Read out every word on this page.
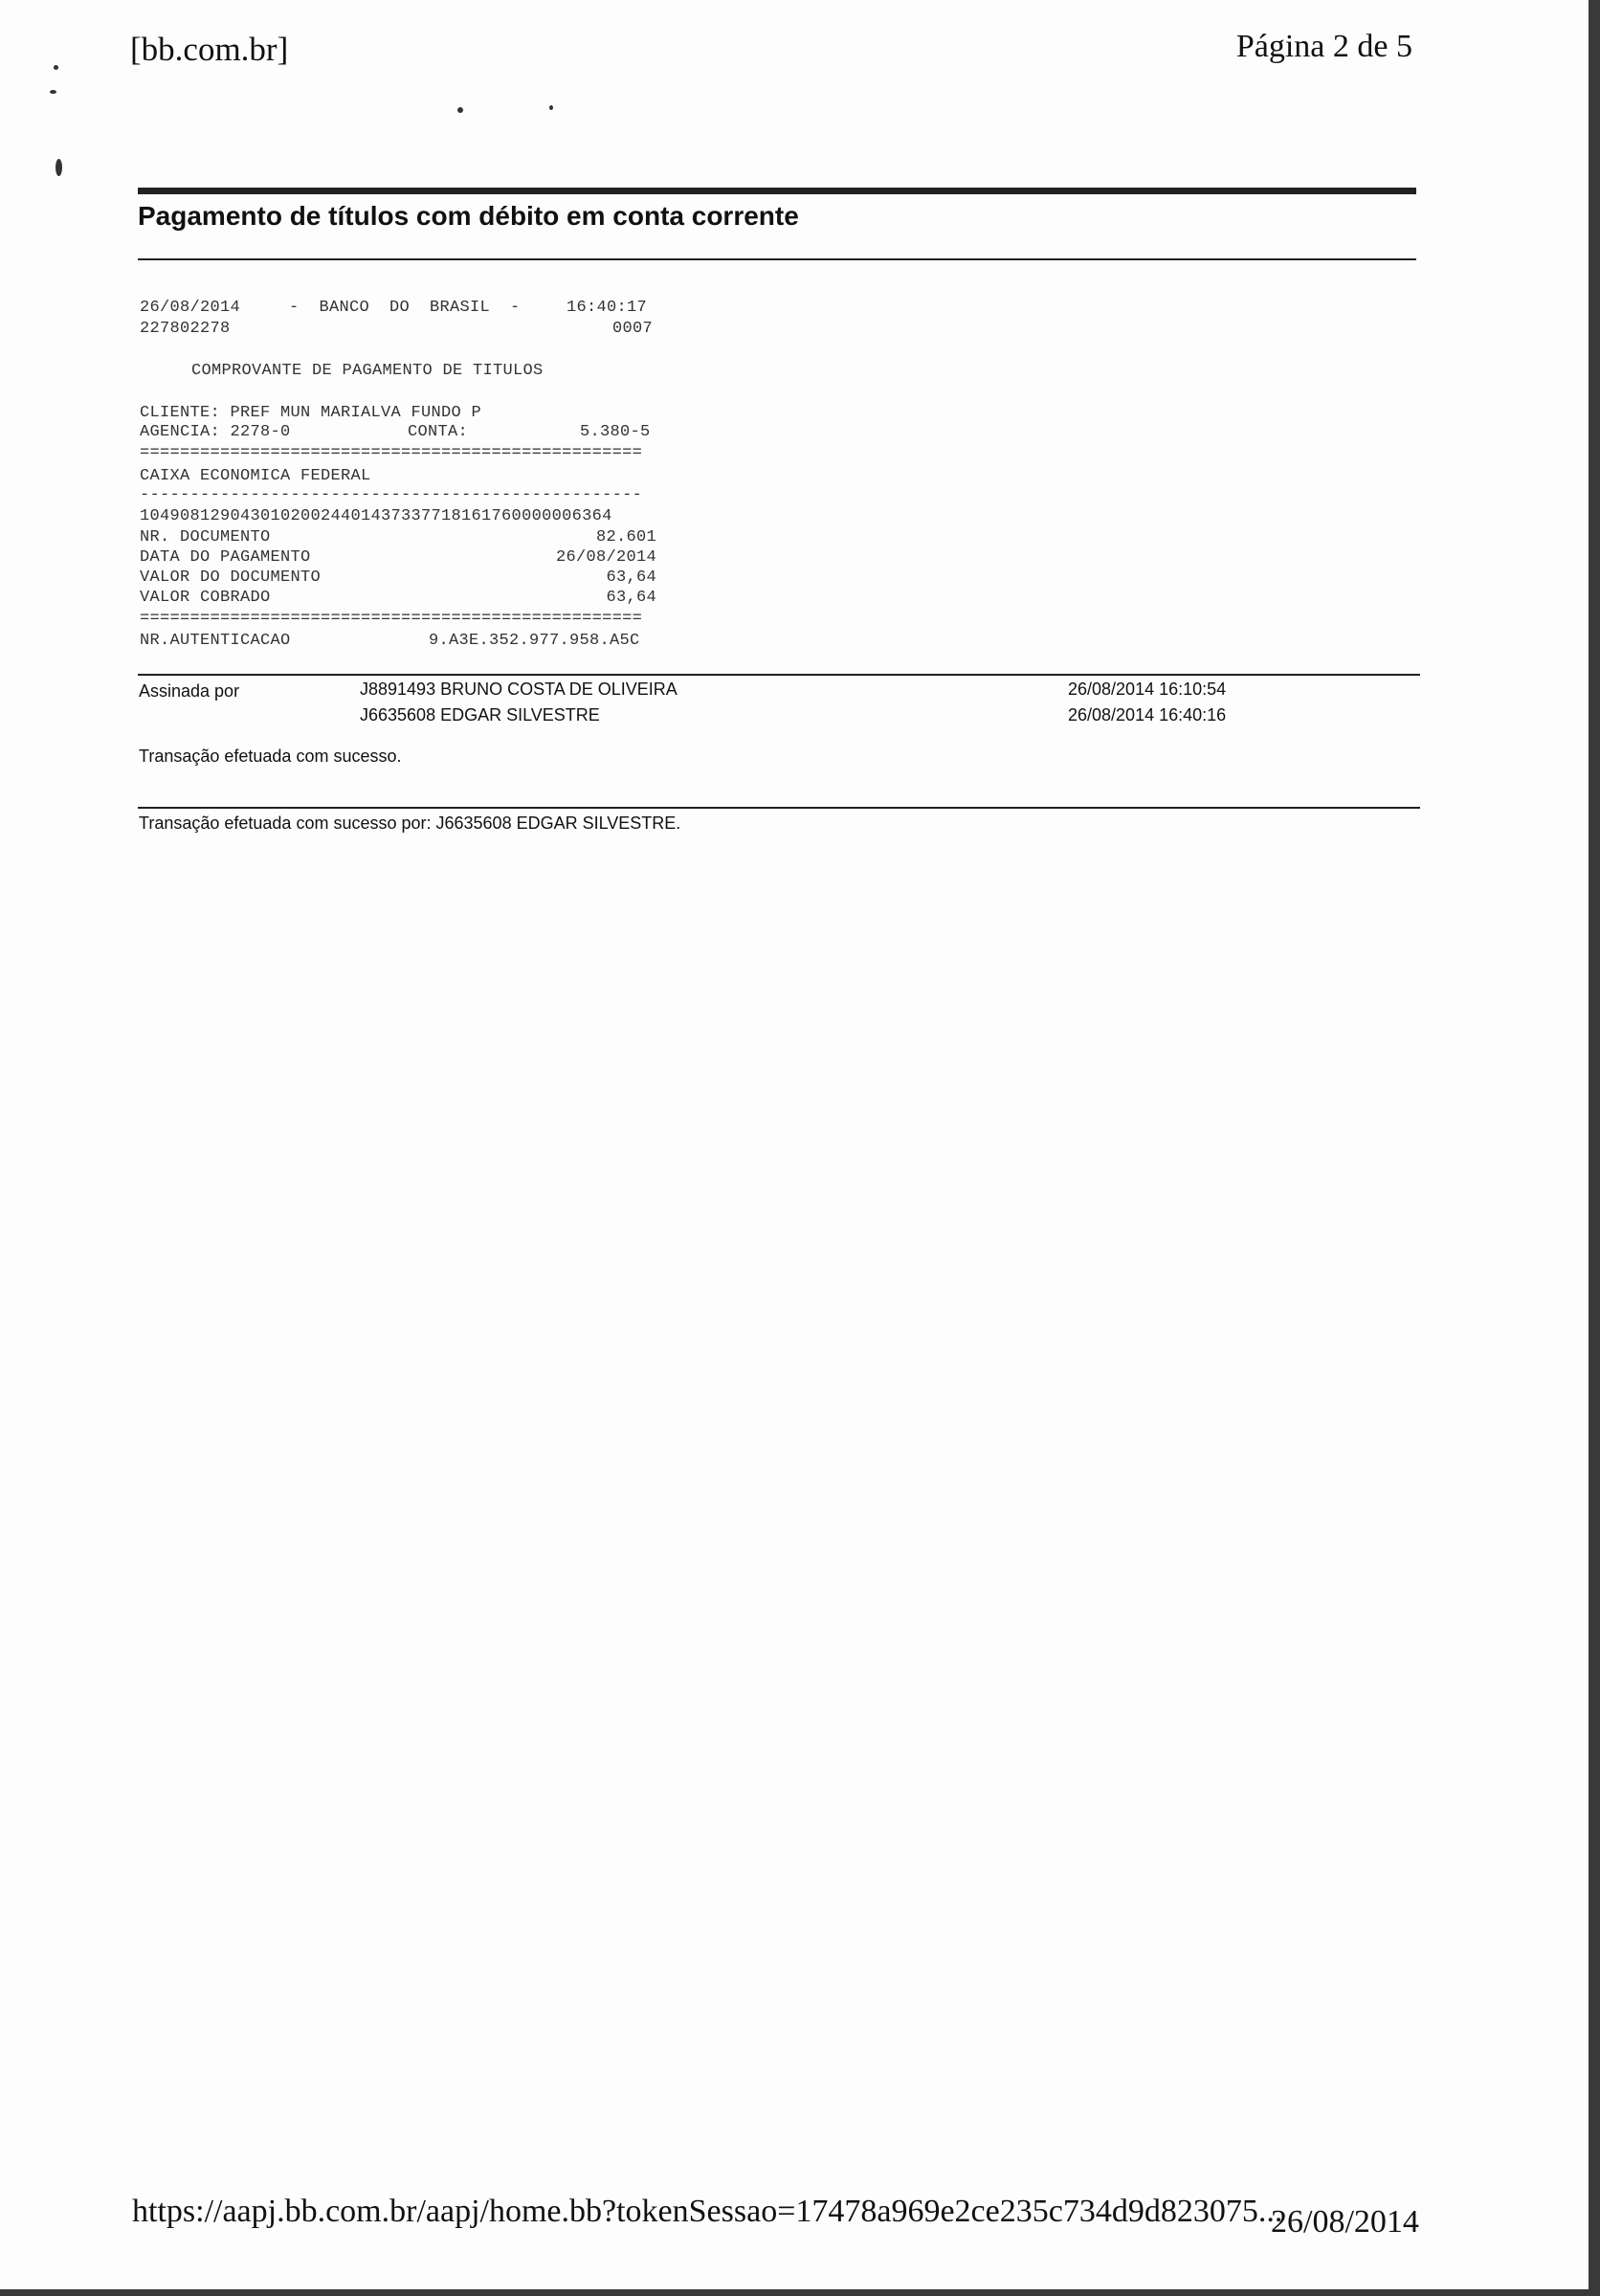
[bb.com.br]	Página 2 de 5
Pagamento de títulos com débito em conta corrente
26/08/2014	-  BANCO  DO  BRASIL  -	16:40:17
227802278	0007
COMPROVANTE DE PAGAMENTO DE TITULOS
CLIENTE: PREF MUN MARIALVA FUNDO P
AGENCIA: 2278-0	CONTA:	5.380-5
==================================================
CAIXA ECONOMICA FEDERAL
--------------------------------------------------
10490812904301020024401437337718161760000006364
NR. DOCUMENTO	82.601
DATA DO PAGAMENTO	26/08/2014
VALOR DO DOCUMENTO	63,64
VALOR COBRADO	63,64
==================================================
NR.AUTENTICACAO	9.A3E.352.977.958.A5C
Assinada por	J8891493 BRUNO COSTA DE OLIVEIRA	26/08/2014 16:10:54
J6635608 EDGAR SILVESTRE	26/08/2014 16:40:16
Transação efetuada com sucesso.
Transação efetuada com sucesso por: J6635608 EDGAR SILVESTRE.
https://aapj.bb.com.br/aapj/home.bb?tokenSessao=17478a969e2ce235c734d9d823075...
26/08/2014
